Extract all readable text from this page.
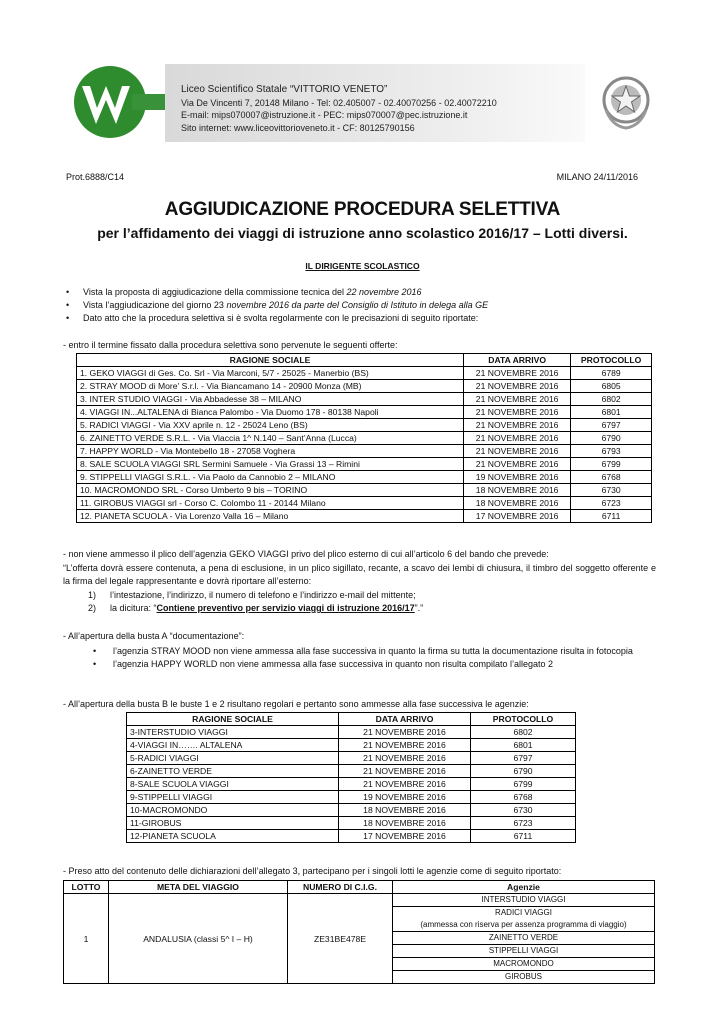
Liceo Scientifico Statale “VITTORIO VENETO”
Via De Vincenti 7, 20148 Milano - Tel: 02.405007 - 02.40070256 - 02.40072210
E-mail: mips070007@istruzione.it - PEC: mips070007@pec.istruzione.it
Sito internet: www.liceovittorioveneto.it - CF: 80125790156
Prot.6888/C14	MILANO 24/11/2016
AGGIUDICAZIONE PROCEDURA SELETTIVA
per l’affidamento dei viaggi di istruzione anno scolastico 2016/17 – Lotti diversi.
IL DIRIGENTE SCOLASTICO
• Vista la proposta di aggiudicazione della commissione tecnica del 22 novembre 2016
• Vista l’aggiudicazione del giorno 23 novembre 2016 da parte del Consiglio di Istituto in delega alla GE
• Dato atto che la procedura selettiva si è svolta regolarmente con le precisazioni di seguito riportate:
- entro il termine fissato dalla procedura selettiva sono pervenute le seguenti offerte:
RAGIONE SOCIALE	DATA ARRIVO	PROTOCOLLO
1. GEKO VIAGGI di Ges. Co. Srl - Via Marconi, 5/7 - 25025 - Manerbio (BS)	21 NOVEMBRE 2016	6789
2. STRAY MOOD di More' S.r.l. - Via Biancamano 14 - 20900 Monza (MB)	21 NOVEMBRE 2016	6805
3. INTER STUDIO VIAGGI - Via Abbadesse 38 – MILANO	21 NOVEMBRE 2016	6802
4. VIAGGI IN...ALTALENA di Bianca Palombo - Via Duomo 178 - 80138 Napoli	21 NOVEMBRE 2016	6801
5. RADICI VIAGGI - Via XXV aprile n. 12 - 25024 Leno (BS)	21 NOVEMBRE 2016	6797
6. ZAINETTO VERDE S.R.L. - Via Viaccia 1^ N.140 – Sant’Anna (Lucca)	21 NOVEMBRE 2016	6790
7. HAPPY WORLD - Via Montebello 18 - 27058 Voghera	21 NOVEMBRE 2016	6793
8. SALE SCUOLA VIAGGI SRL Sermini Samuele - Via Grassi 13 – Rimini	21 NOVEMBRE 2016	6799
9. STIPPELLI VIAGGI S.R.L. - Via Paolo da Cannobio 2 – MILANO	19 NOVEMBRE 2016	6768
10. MACROMONDO SRL - Corso Umberto 9 bis – TORINO	18 NOVEMBRE 2016	6730
11. GIROBUS VIAGGI srl - Corso C. Colombo 11 - 20144 Milano	18 NOVEMBRE 2016	6723
12. PIANETA SCUOLA - Via Lorenzo Valla 16 – Milano	17 NOVEMBRE 2016	6711
- non viene ammesso il plico dell’agenzia GEKO VIAGGI privo del plico esterno di cui all’articolo 6 del bando che prevede:
“L’offerta dovrà essere contenuta, a pena di esclusione, in un plico sigillato, recante, a scavo dei lembi di chiusura, il timbro del soggetto offerente e la firma del legale rappresentante e dovrà riportare all’esterno:
1) l’intestazione, l’indirizzo, il numero di telefono e l’indirizzo e-mail del mittente;
2) la dicitura: “Contiene preventivo per servizio viaggi di istruzione 2016/17”.”
- All’apertura della busta A “documentazione”:
• l’agenzia STRAY MOOD non viene ammessa alla fase successiva in quanto la firma su tutta la documentazione risulta in fotocopia
• l’agenzia HAPPY WORLD non viene ammessa alla fase successiva in quanto non risulta compilato l’allegato 2
- All’apertura della busta B le buste 1 e 2 risultano regolari e pertanto sono ammesse alla fase successiva le agenzie:
RAGIONE SOCIALE	DATA ARRIVO	PROTOCOLLO
3-INTERSTUDIO VIAGGI	21 NOVEMBRE 2016	6802
4-VIAGGI IN……. ALTALENA	21 NOVEMBRE 2016	6801
5-RADICI VIAGGI	21 NOVEMBRE 2016	6797
6-ZAINETTO VERDE	21 NOVEMBRE 2016	6790
8-SALE SCUOLA VIAGGI	21 NOVEMBRE 2016	6799
9-STIPPELLI VIAGGI	19 NOVEMBRE 2016	6768
10-MACROMONDO	18 NOVEMBRE 2016	6730
11-GIROBUS	18 NOVEMBRE 2016	6723
12-PIANETA SCUOLA	17 NOVEMBRE 2016	6711
- Preso atto del contenuto delle dichiarazioni dell’allegato 3, partecipano per i singoli lotti le agenzie come di seguito riportato:
LOTTO	META DEL VIAGGIO	NUMERO DI C.I.G.	Agenzie
1	ANDALUSIA (classi 5^ I – H)	ZE31BE478E	INTERSTUDIO VIAGGI
			RADICI VIAGGI
			(ammessa con riserva per assenza programma di viaggio)
			ZAINETTO VERDE
			STIPPELLI VIAGGI
			MACROMONDO
			GIROBUS
